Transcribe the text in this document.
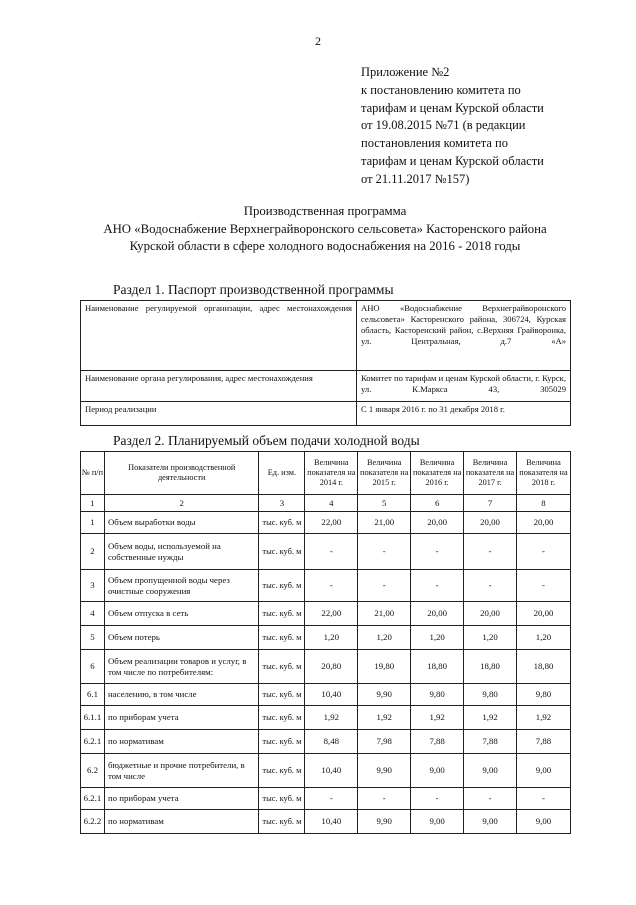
2
Приложение №2
к постановлению комитета по
тарифам и ценам Курской области
от 19.08.2015 №71 (в редакции
постановления комитета по
тарифам и ценам Курской области
от 21.11.2017 №157)
Производственная программа
АНО «Водоснабжение Верхнеграйворонского сельсовета» Касторенского района
Курской области в сфере холодного водоснабжения на 2016 - 2018 годы
Раздел 1. Паспорт производственной программы
Наименование регулируемой организации, адрес местонахождения	АНО «Водоснабжение Верхнеграйворонского сельсовета» Касторенского района, 306724, Курская область, Касторенский район, с.Верхняя Грайворонка, ул. Центральная, д.7 «А»

Наименование органа регулирования, адрес местонахождения	Комитет по тарифам и ценам Курской области, г. Курск, ул. К.Маркса 43, 305029

Период реализации	С 1 января 2016 г. по 31 декабря 2018 г.
Раздел 2. Планируемый объем подачи холодной воды
№ п/п	Показатели производственной деятельности	Ед. изм.	Величина показателя на 2014 г.	Величина показателя на 2015 г.	Величина показателя на 2016 г.	Величина показателя на 2017 г.	Величина показателя на 2018 г.
1	2	3	4	5	6	7	8
1	Объем выработки воды	тыс. куб. м	22,00	21,00	20,00	20,00	20,00
2	Объем воды, используемой на собственные нужды	тыс. куб. м	-	-	-	-	-
3	Объем пропущенной воды через очистные сооружения	тыс. куб. м	-	-	-	-	-
4	Объем отпуска в сеть	тыс. куб. м	22,00	21,00	20,00	20,00	20,00
5	Объем потерь	тыс. куб. м	1,20	1,20	1,20	1,20	1,20
6	Объем реализации товаров и услуг, в том числе по потребителям:	тыс. куб. м	20,80	19,80	18,80	18,80	18,80
6.1	населению, в том числе	тыс. куб. м	10,40	9,90	9,80	9,80	9,80
6.1.1	по приборам учета	тыс. куб. м	1,92	1,92	1,92	1,92	1,92
6.2.1	по нормативам	тыс. куб. м	8,48	7,98	7,88	7,88	7,88
6.2	бюджетные и прочие потребители, в том числе	тыс. куб. м	10,40	9,90	9,00	9,00	9,00
6.2.1	по приборам учета	тыс. куб. м	-	-	-	-	-
6.2.2	по нормативам	тыс. куб. м	10,40	9,90	9,00	9,00	9,00
